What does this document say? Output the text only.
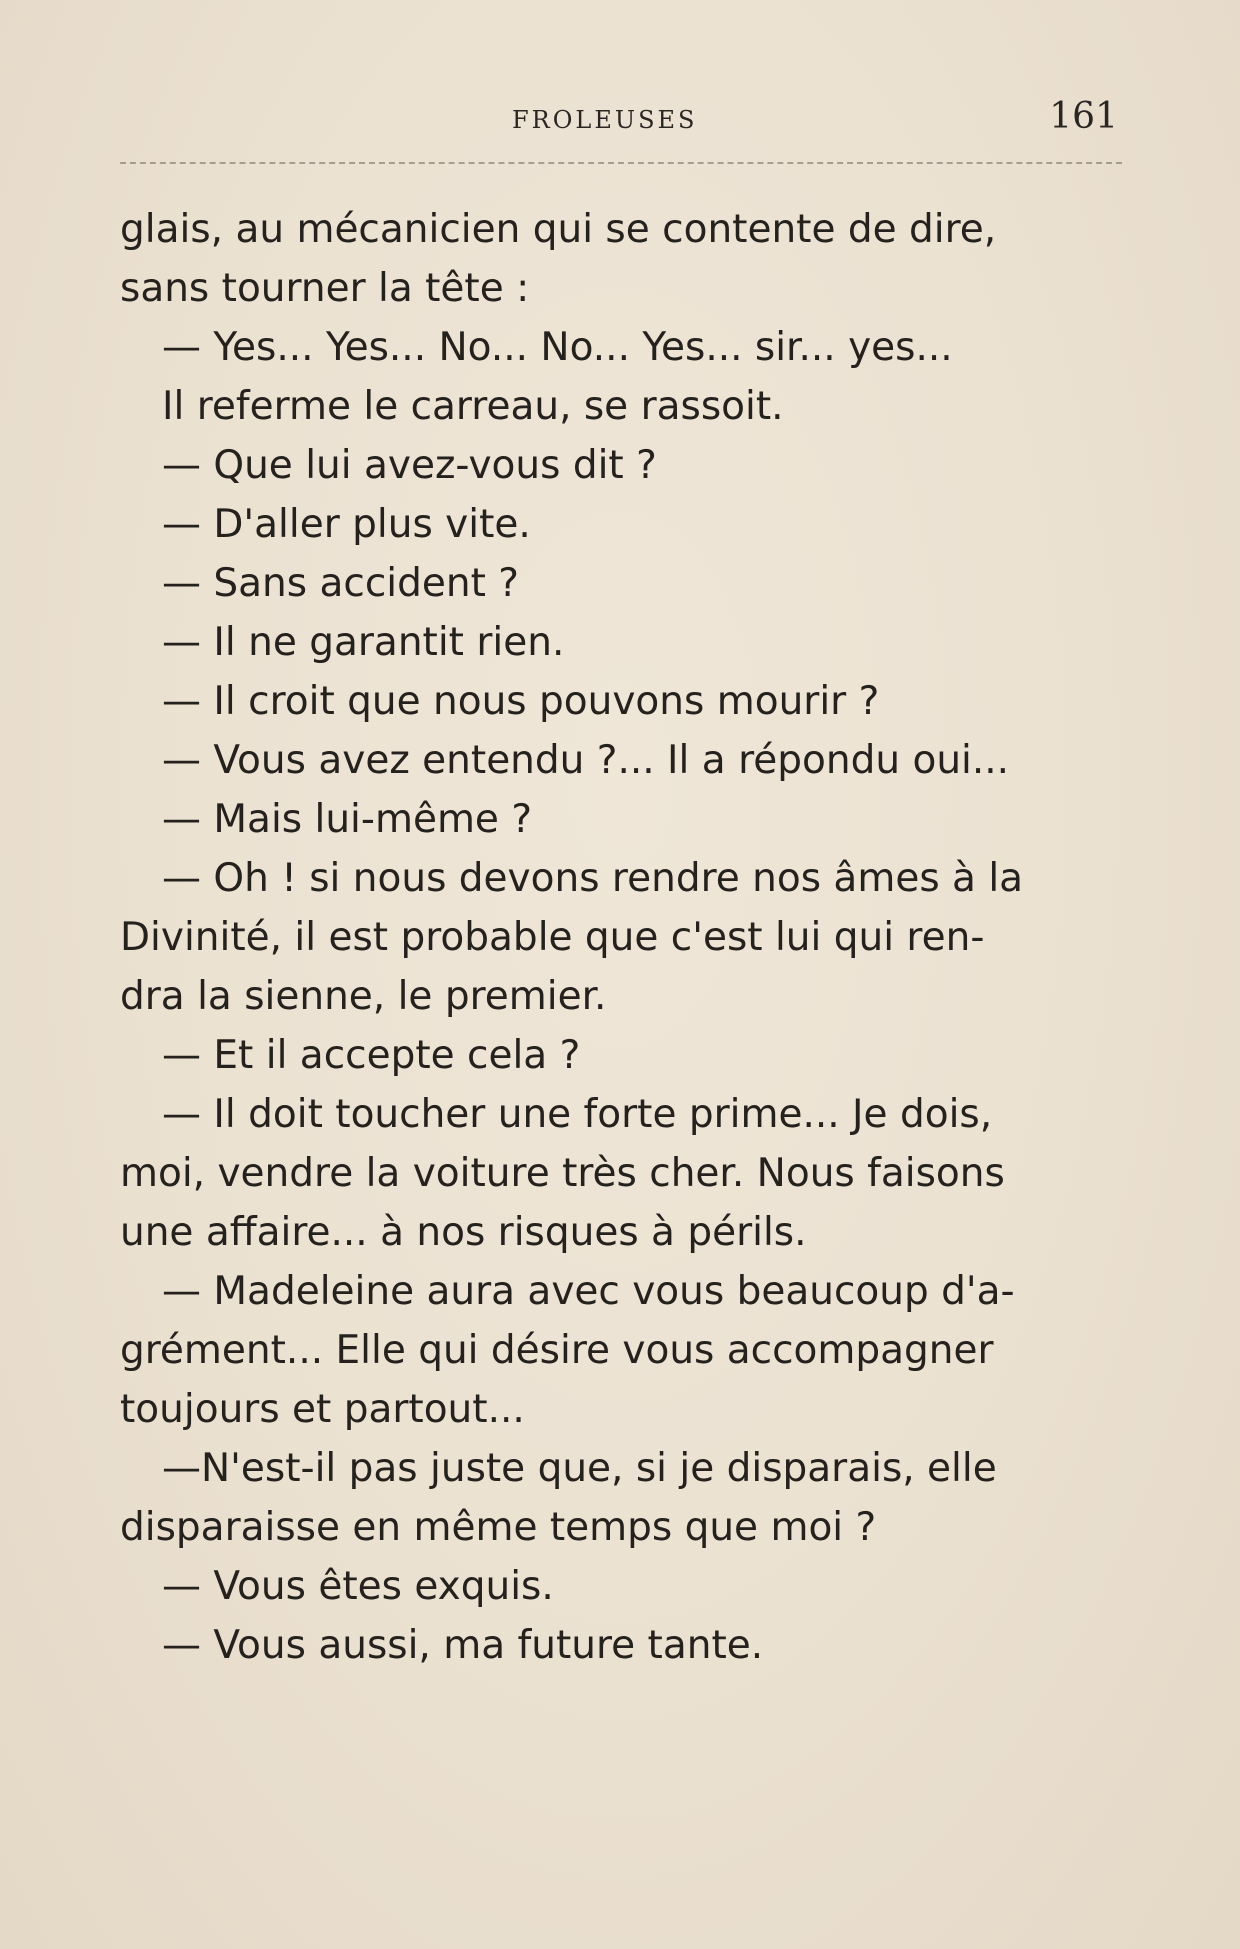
FROLEUSES	161
glais, au mécanicien qui se contente de dire,
sans tourner la tête :
— Yes... Yes... No... No... Yes... sir... yes...
Il referme le carreau, se rassoit.
— Que lui avez-vous dit ?
— D'aller plus vite.
— Sans accident ?
— Il ne garantit rien.
— Il croit que nous pouvons mourir ?
— Vous avez entendu ?... Il a répondu oui...
— Mais lui-même ?
— Oh ! si nous devons rendre nos âmes à la
Divinité, il est probable que c'est lui qui ren-
dra la sienne, le premier.
— Et il accepte cela ?
— Il doit toucher une forte prime... Je dois,
moi, vendre la voiture très cher. Nous faisons
une affaire... à nos risques à périls.
— Madeleine aura avec vous beaucoup d'a-
grément... Elle qui désire vous accompagner
toujours et partout...
—N'est-il pas juste que, si je disparais, elle
disparaisse en même temps que moi ?
— Vous êtes exquis.
— Vous aussi, ma future tante.
